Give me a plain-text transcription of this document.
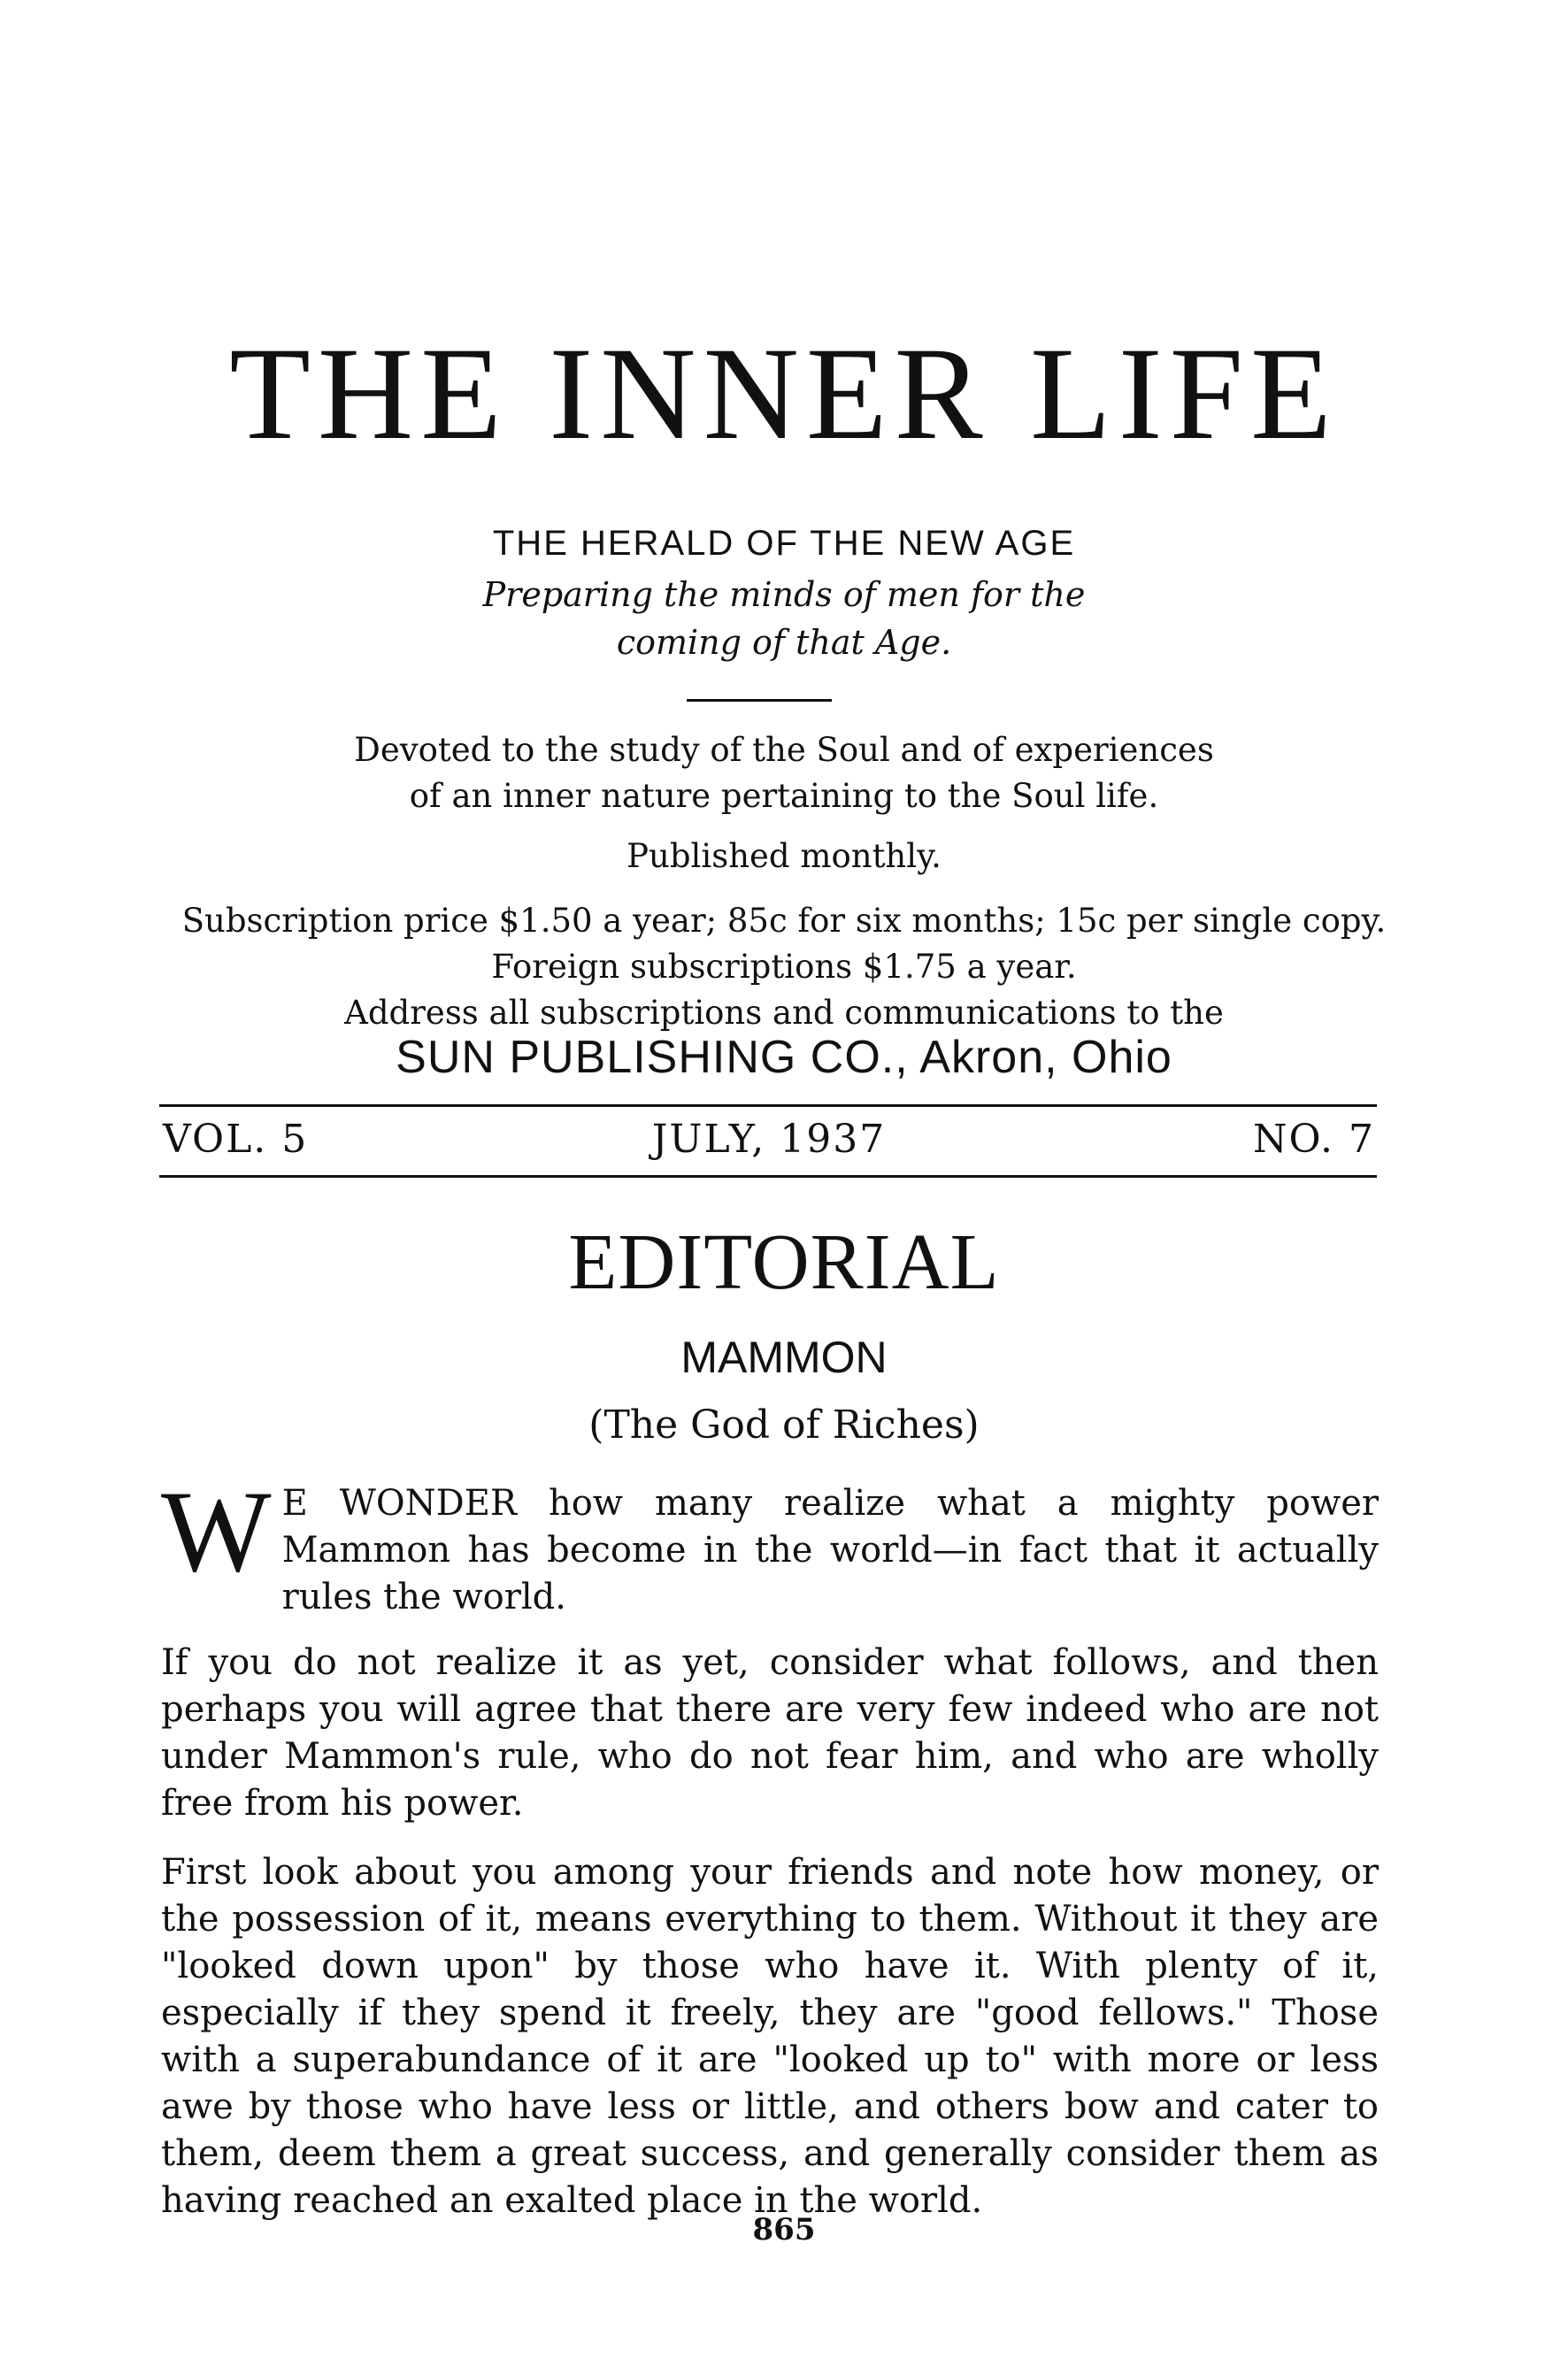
THE INNER LIFE
THE HERALD OF THE NEW AGE
Preparing the minds of men for the
coming of that Age.
Devoted to the study of the Soul and of experiences
of an inner nature pertaining to the Soul life.
Published monthly.
Subscription price $1.50 a year; 85c for six months; 15c per single copy.
Foreign subscriptions $1.75 a year.
Address all subscriptions and communications to the
SUN PUBLISHING CO., Akron, Ohio
VOL. 5	JULY, 1937	NO. 7
EDITORIAL
MAMMON
(The God of Riches)
W E WONDER how many realize what a mighty power Mammon has become in the world—in fact that it actually rules the world.
If you do not realize it as yet, consider what follows, and then perhaps you will agree that there are very few indeed who are not under Mammon's rule, who do not fear him, and who are wholly free from his power.
First look about you among your friends and note how money, or the possession of it, means everything to them. Without it they are "looked down upon" by those who have it. With plenty of it, especially if they spend it freely, they are "good fellows." Those with a superabundance of it are "looked up to" with more or less awe by those who have less or little, and others bow and cater to them, deem them a great success, and generally consider them as having reached an exalted place in the world.
865
